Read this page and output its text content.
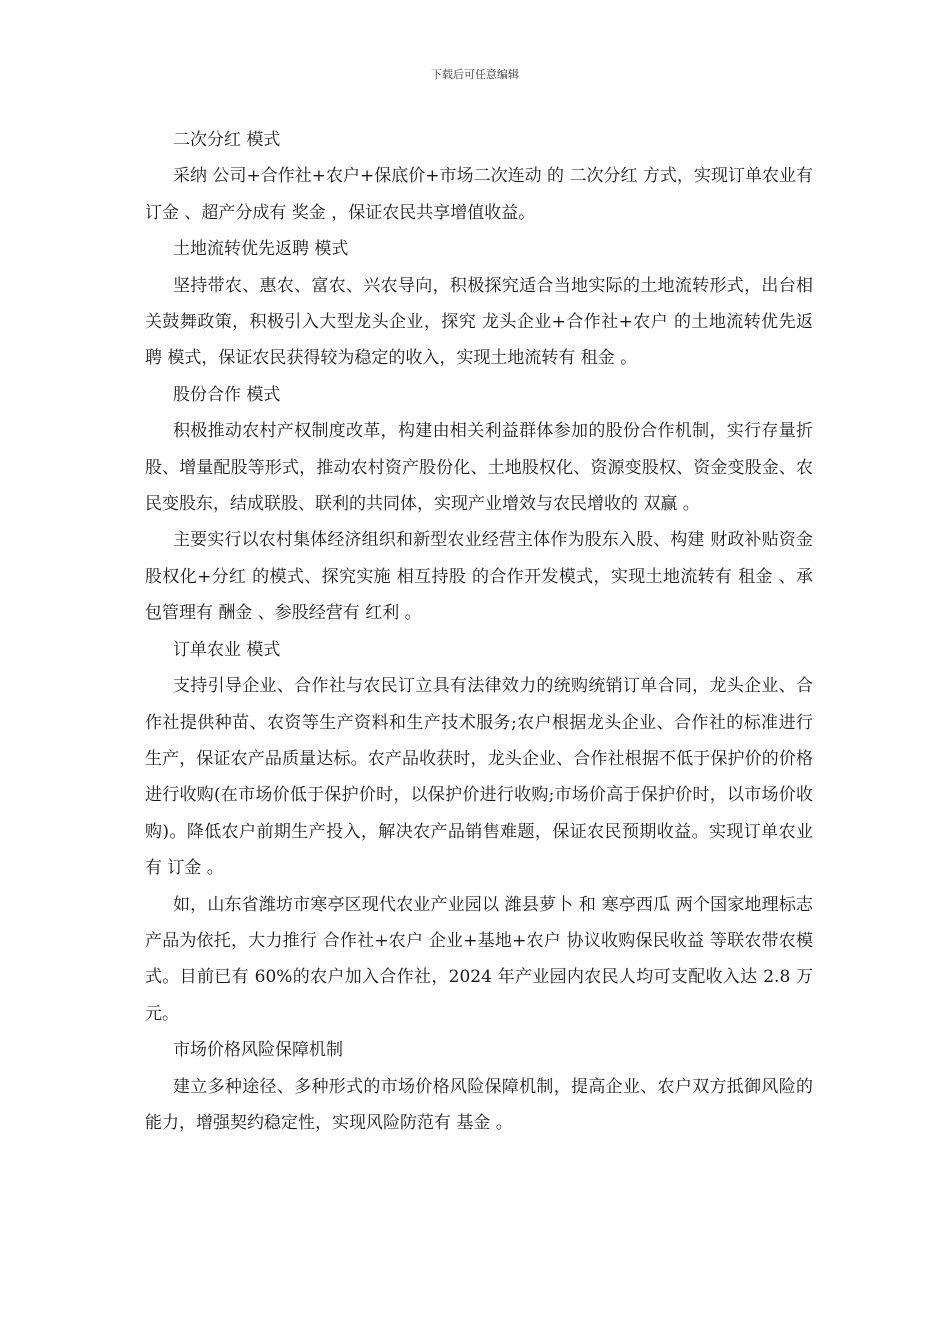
下载后可任意编辑

二次分红 模式

采纳 公司+合作社+农户+保底价+市场二次连动 的 二次分红 方式，实现订单农业有 订金 、超产分成有 奖金 ，保证农民共享增值收益。

土地流转优先返聘 模式

坚持带农、惠农、富农、兴农导向，积极探究适合当地实际的土地流转形式，出台相关鼓舞政策，积极引入大型龙头企业，探究 龙头企业+合作社+农户 的土地流转优先返聘 模式，保证农民获得较为稳定的收入，实现土地流转有 租金 。

股份合作 模式

积极推动农村产权制度改革，构建由相关利益群体参加的股份合作机制，实行存量折股、增量配股等形式，推动农村资产股份化、土地股权化、资源变股权、资金变股金、农民变股东，结成联股、联利的共同体，实现产业增效与农民增收的 双赢 。

主要实行以农村集体经济组织和新型农业经营主体作为股东入股、构建 财政补贴资金股权化+分红 的模式、探究实施 相互持股 的合作开发模式，实现土地流转有 租金 、承包管理有 酬金 、参股经营有 红利 。

订单农业 模式

支持引导企业、合作社与农民订立具有法律效力的统购统销订单合同，龙头企业、合作社提供种苗、农资等生产资料和生产技术服务;农户根据龙头企业、合作社的标准进行生产，保证农产品质量达标。农产品收获时，龙头企业、合作社根据不低于保护价的价格进行收购(在市场价低于保护价时，以保护价进行收购;市场价高于保护价时，以市场价收购)。降低农户前期生产投入，解决农产品销售难题，保证农民预期收益。实现订单农业有 订金 。

如，山东省潍坊市寒亭区现代农业产业园以 潍县萝卜 和 寒亭西瓜 两个国家地理标志产品为依托，大力推行 合作社+农户 企业+基地+农户 协议收购保民收益 等联农带农模式。目前已有 60%的农户加入合作社，2024 年产业园内农民人均可支配收入达 2.8 万元。

市场价格风险保障机制

建立多种途径、多种形式的市场价格风险保障机制，提高企业、农户双方抵御风险的能力，增强契约稳定性，实现风险防范有 基金 。
